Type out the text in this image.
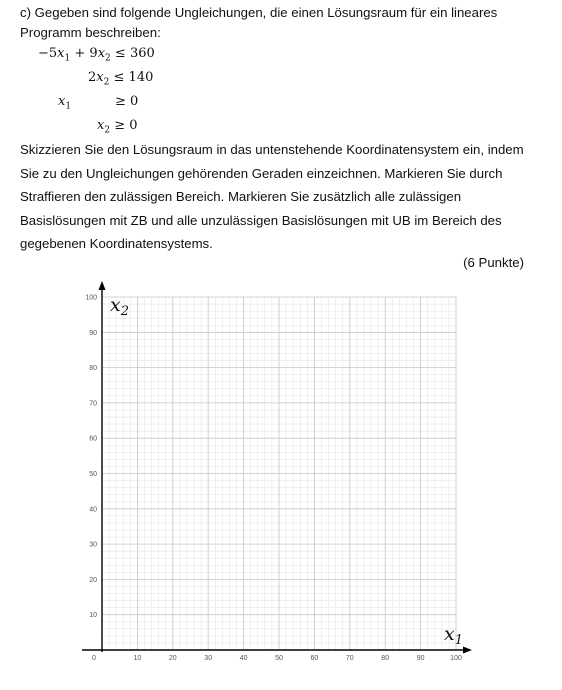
c) Gegeben sind folgende Ungleichungen, die einen Lösungsraum für ein lineares Programm beschreiben:
$-5x_1 + 9x_2 \le 360$
$2x_2 \le 140$
$x_1$	≥ 0
$x_2 \ge 0$
Skizzieren Sie den Lösungsraum in das untenstehende Koordinatensystem ein, indem Sie zu den Ungleichungen gehörenden Geraden einzeichnen. Markieren Sie durch Straffieren den zulässigen Bereich. Markieren Sie zusätzlich alle zulässigen Basislösungen mit ZB und alle unzulässigen Basislösungen mit UB im Bereich des gegebenen Koordinatensystems.
(6 Punkte)
0	10	20	30	40	50	60	70	80	90	100
10
20
30
40
50
60
70
80
90
100 $x_2$
$x_1$
